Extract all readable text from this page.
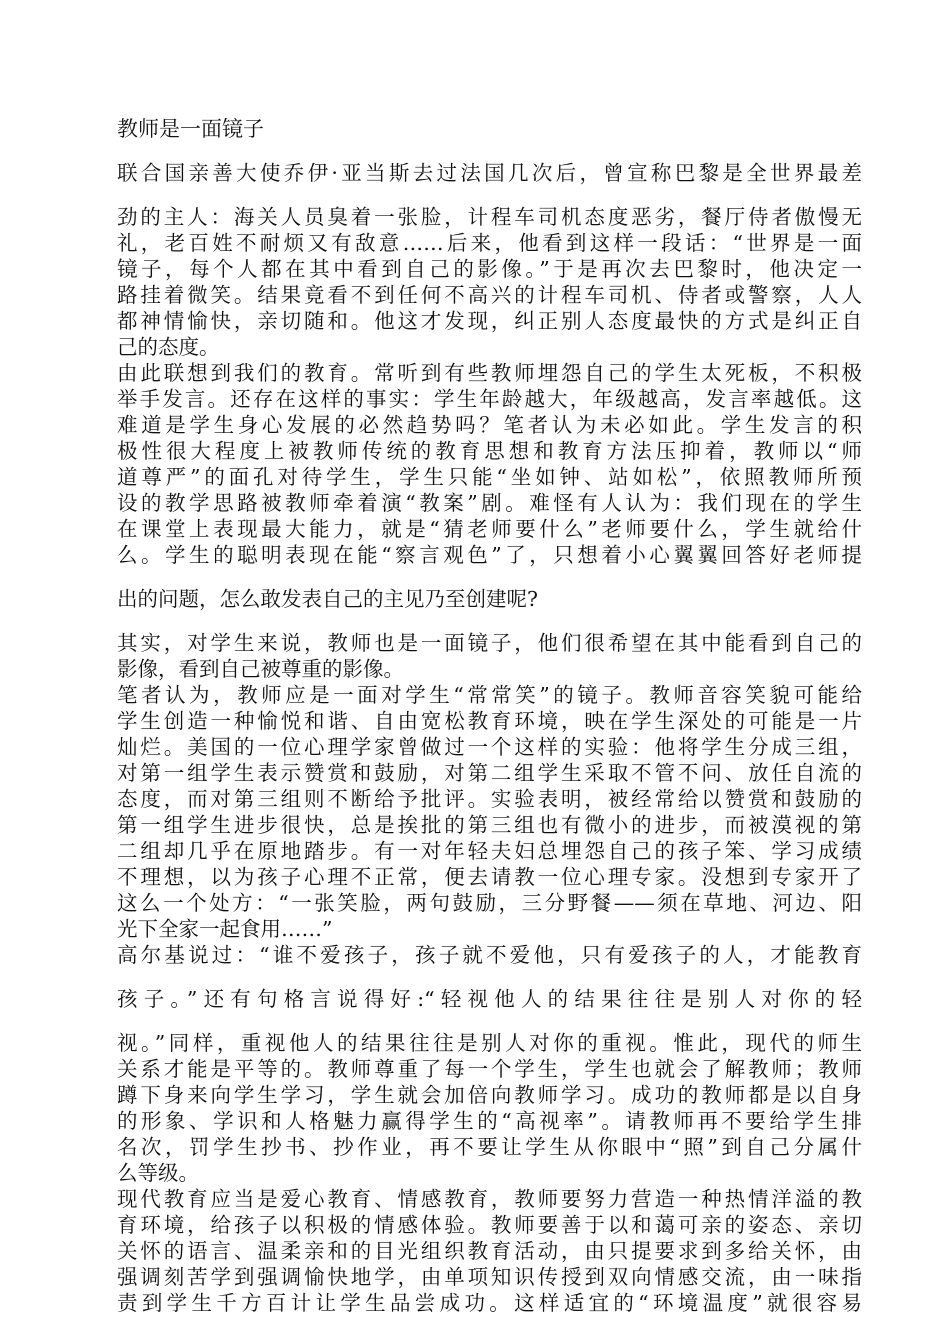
教师是一面镜子
联合国亲善大使乔伊·亚当斯去过法国几次后，曾宣称巴黎是全世界最差
劲的主人：海关人员臭着一张脸，计程车司机态度恶劣，餐厅侍者傲慢无
礼，老百姓不耐烦又有敌意……后来，他看到这样一段话：“世界是一面
镜子，每个人都在其中看到自己的影像。”于是再次去巴黎时，他决定一
路挂着微笑。结果竟看不到任何不高兴的计程车司机、侍者或警察，人人
都神情愉快，亲切随和。他这才发现，纠正别人态度最快的方式是纠正自
己的态度。
由此联想到我们的教育。常听到有些教师埋怨自己的学生太死板，不积极
举手发言。还存在这样的事实：学生年龄越大，年级越高，发言率越低。这
难道是学生身心发展的必然趋势吗？笔者认为未必如此。学生发言的积
极性很大程度上被教师传统的教育思想和教育方法压抑着，教师以“师
道尊严”的面孔对待学生，学生只能“坐如钟、站如松”，依照教师所预
设的教学思路被教师牵着演“教案”剧。难怪有人认为：我们现在的学生
在课堂上表现最大能力，就是“猜老师要什么”老师要什么，学生就给什
么。学生的聪明表现在能“察言观色”了，只想着小心翼翼回答好老师提
出的问题，怎么敢发表自己的主见乃至创建呢?
其实，对学生来说，教师也是一面镜子，他们很希望在其中能看到自己的
影像，看到自己被尊重的影像。
笔者认为，教师应是一面对学生“常常笑”的镜子。教师音容笑貌可能给
学生创造一种愉悦和谐、自由宽松教育环境，映在学生深处的可能是一片
灿烂。美国的一位心理学家曾做过一个这样的实验：他将学生分成三组，
对第一组学生表示赞赏和鼓励，对第二组学生采取不管不问、放任自流的
态度，而对第三组则不断给予批评。实验表明，被经常给以赞赏和鼓励的
第一组学生进步很快，总是挨批的第三组也有微小的进步，而被漠视的第
二组却几乎在原地踏步。有一对年轻夫妇总埋怨自己的孩子笨、学习成绩
不理想，以为孩子心理不正常，便去请教一位心理专家。没想到专家开了
这么一个处方：“一张笑脸，两句鼓励，三分野餐——须在草地、河边、阳
光下全家一起食用……”
高尔基说过：“谁不爱孩子，孩子就不爱他，只有爱孩子的人，才能教育
孩子。”还有句格言说得好:“轻视他人的结果往往是别人对你的轻
视。”同样，重视他人的结果往往是别人对你的重视。惟此，现代的师生
关系才能是平等的。教师尊重了每一个学生，学生也就会了解教师；教师
蹲下身来向学生学习，学生就会加倍向教师学习。成功的教师都是以自身
的形象、学识和人格魅力赢得学生的“高视率”。请教师再不要给学生排
名次，罚学生抄书、抄作业，再不要让学生从你眼中“照”到自己分属什
么等级。
现代教育应当是爱心教育、情感教育，教师要努力营造一种热情洋溢的教
育环境，给孩子以积极的情感体验。教师要善于以和蔼可亲的姿态、亲切
关怀的语言、温柔亲和的目光组织教育活动，由只提要求到多给关怀，由
强调刻苦学到强调愉快地学，由单项知识传授到双向情感交流，由一味指
责到学生千方百计让学生品尝成功。这样适宜的“环境温度”就很容易
